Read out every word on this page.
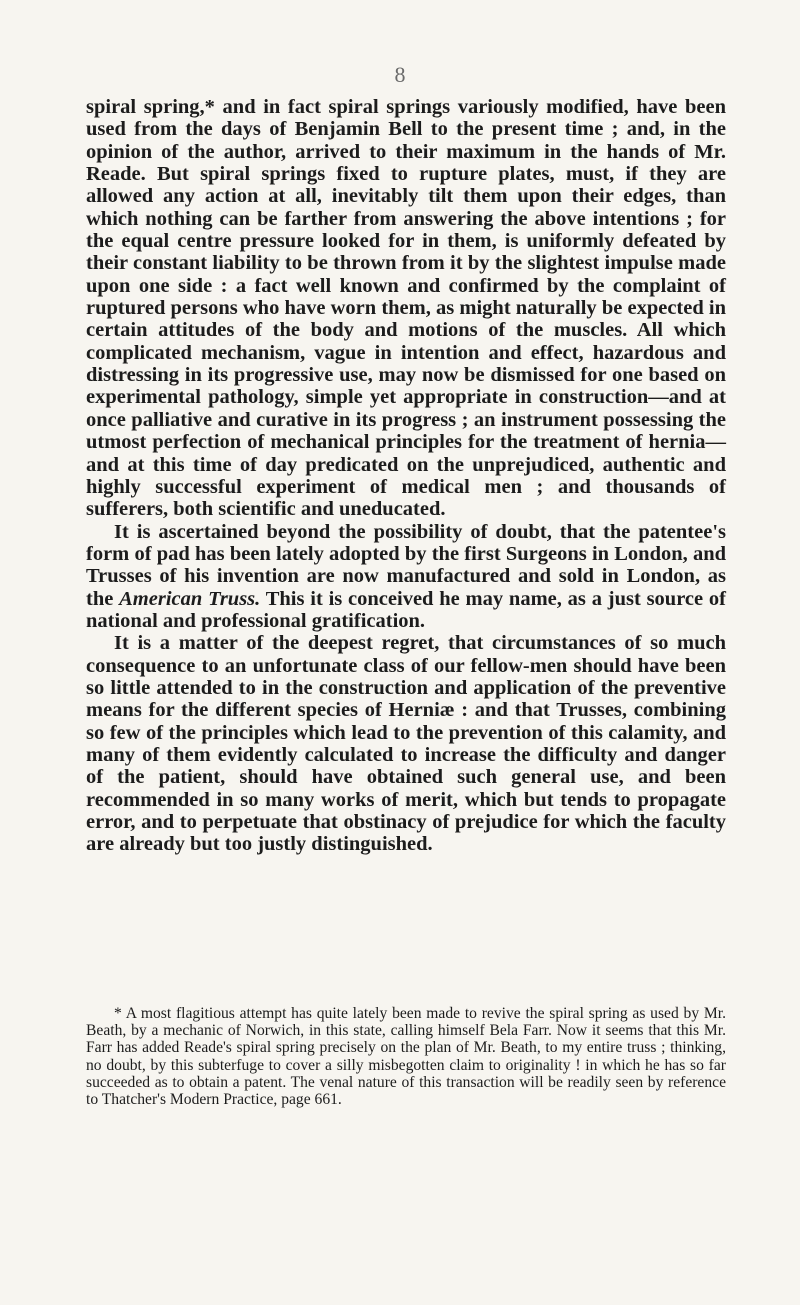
8

spiral spring,* and in fact spiral springs variously modified, have been used from the days of Benjamin Bell to the present time ; and, in the opinion of the author, arrived to their maximum in the hands of Mr. Reade. But spiral springs fixed to rupture plates, must, if they are allowed any action at all, inevitably tilt them upon their edges, than which nothing can be farther from answering the above intentions ; for the equal centre pressure looked for in them, is uniformly defeated by their constant liability to be thrown from it by the slightest impulse made upon one side : a fact well known and confirmed by the complaint of ruptured persons who have worn them, as might naturally be expected in certain attitudes of the body and motions of the muscles. All which complicated mechanism, vague in intention and effect, hazardous and distressing in its progressive use, may now be dismissed for one based on experimental pathology, simple yet appropriate in construction—and at once palliative and curative in its progress ; an instrument possessing the utmost perfection of mechanical principles for the treatment of hernia—and at this time of day predicated on the unprejudiced, authentic and highly successful experiment of medical men ; and thousands of sufferers, both scientific and uneducated.

It is ascertained beyond the possibility of doubt, that the patentee's form of pad has been lately adopted by the first Surgeons in London, and Trusses of his invention are now manufactured and sold in London, as the American Truss. This it is conceived he may name, as a just source of national and professional gratification.

It is a matter of the deepest regret, that circumstances of so much consequence to an unfortunate class of our fellow-men should have been so little attended to in the construction and application of the preventive means for the different species of Herniæ : and that Trusses, combining so few of the principles which lead to the prevention of this calamity, and many of them evidently calculated to increase the difficulty and danger of the patient, should have obtained such general use, and been recommended in so many works of merit, which but tends to propagate error, and to perpetuate that obstinacy of prejudice for which the faculty are already but too justly distinguished.

* A most flagitious attempt has quite lately been made to revive the spiral spring as used by Mr. Beath, by a mechanic of Norwich, in this state, calling himself Bela Farr. Now it seems that this Mr. Farr has added Reade's spiral spring precisely on the plan of Mr. Beath, to my entire truss ; thinking, no doubt, by this subterfuge to cover a silly misbegotten claim to originality ! in which he has so far succeeded as to obtain a patent. The venal nature of this transaction will be readily seen by reference to Thatcher's Modern Practice, page 661.
